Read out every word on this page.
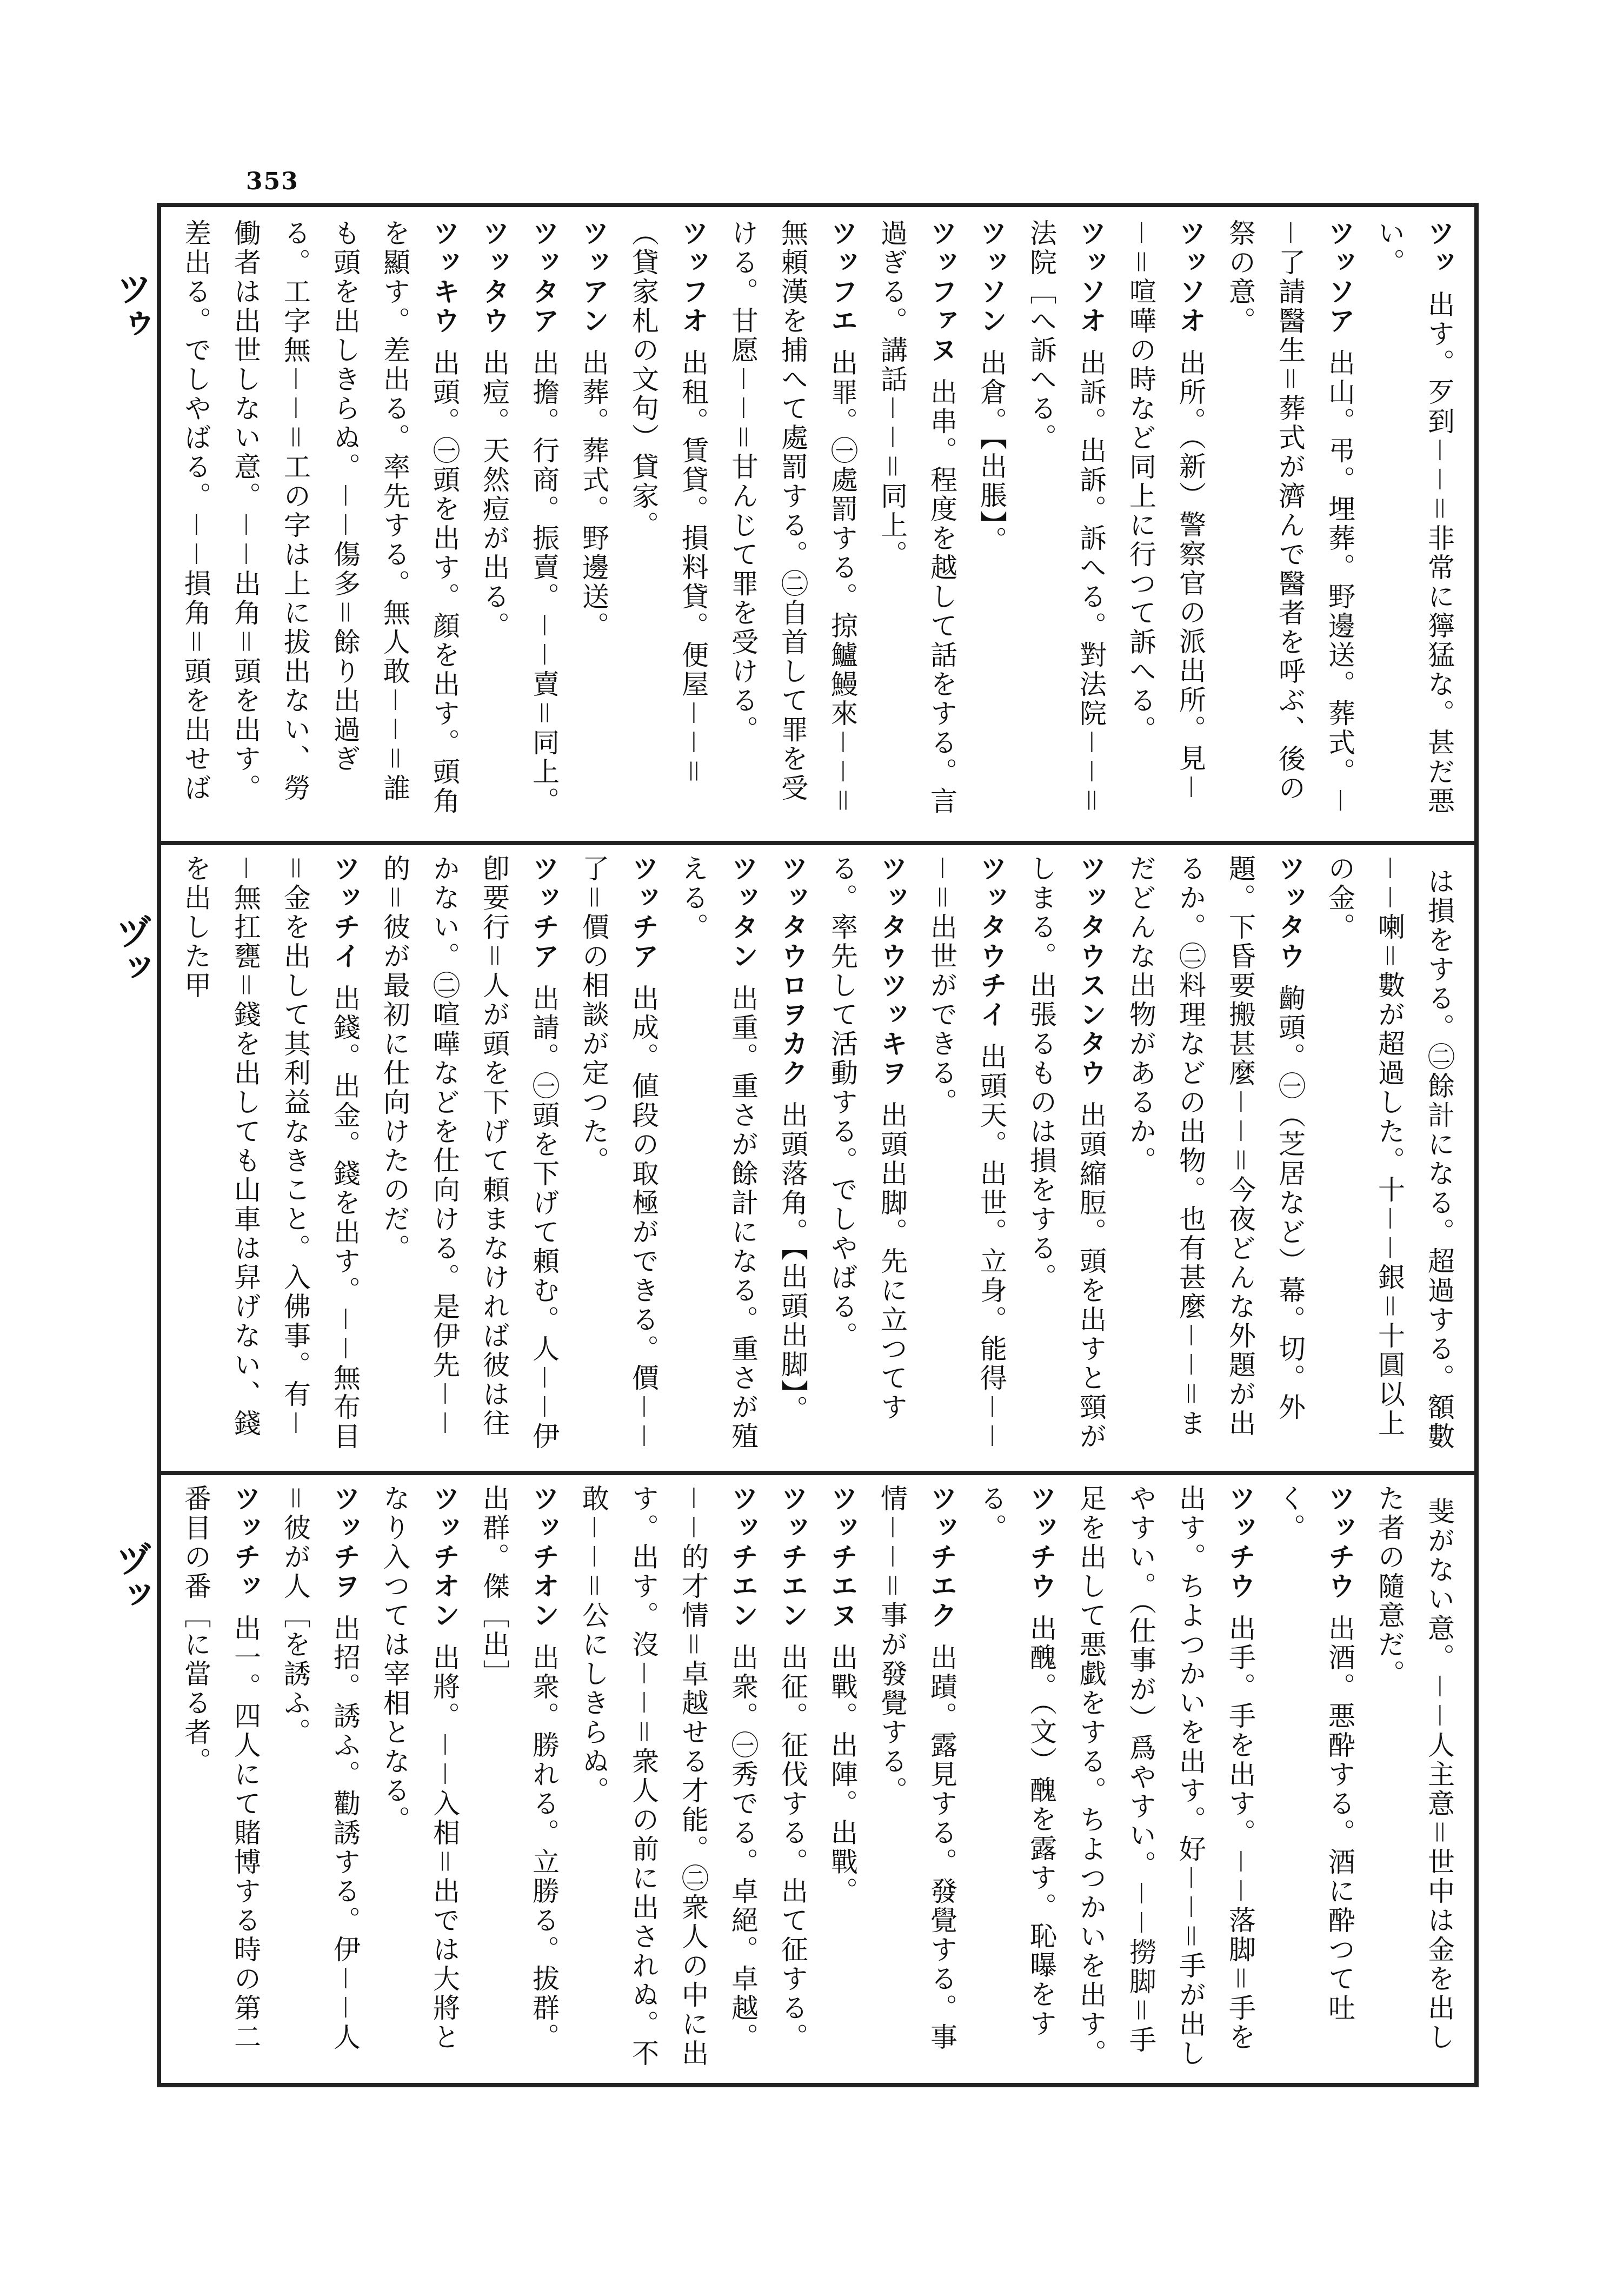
353
ツゥ
ヅッ
ヅッ

ツッ出す。歹到－－＝非常に獰猛な。甚だ悪い。

ツッソア出山。弔。埋葬。野邊送。葬式。－－了請醫生＝葬式が濟んで醫者を呼ぶ、後の祭の意。

ツッソオ出所。（新）警察官の派出所。見－－＝喧嘩の時など同上に行つて訴へる。

ツッソオ出訴。出訴。訴へる。對法院－－＝法院［へ訴へる。

ツッソン出倉。【出脹】。

ツッファヌ出串。程度を越して話をする。言過ぎる。講話－－＝同上。

ツッフエ出罪。㊀處罰する。掠鱸鰻來－－＝無頼漢を捕へて處罰する。㊁自首して罪を受ける。甘愿－－＝甘んじて罪を受ける。

ツッフオ出租。賃貸。損料貸。便屋－－＝（貸家札の文句）貸家。

ツッアン出葬。葬式。野邊送。

ツッタア出擔。行商。振賣。－－賣＝同上。

ツッタウ出痘。天然痘が出る。

ツッキウ出頭。㊀頭を出す。顔を出す。頭角を顯す。差出る。率先する。無人敢－－＝誰も頭を出しきらぬ。－－傷多＝餘り出過ぎる。工字無－－＝工の字は上に拔出ない、勞働者は出世しない意。－－出角＝頭を出す。差出る。でしやばる。－－損角＝頭を出せば

は損をする。㊁餘計になる。超過する。額數－－喇＝數が超過した。十－－銀＝十圓以上の金。

ツッタウ齣頭。㊀（芝居など）幕。切。外題。下昏要搬甚麼－－＝今夜どんな外題が出るか。㊁料理などの出物。也有甚麼－－＝まだどんな出物があるか。

ツッタウスンタウ出頭縮脰。頭を出すと頸がしまる。出張るものは損をする。

ツッタウチイ出頭天。出世。立身。能得－－－＝出世ができる。

ツッタウツッキヲ出頭出脚。先に立つてする。率先して活動する。でしやばる。

ツッタウロヲカク出頭落角。【出頭出脚】。

ツッタン出重。重さが餘計になる。重さが殖える。

ツッチア出成。値段の取極ができる。價－－了＝價の相談が定つた。

ツッチア出請。㊀頭を下げて頼む。人－－伊卽要行＝人が頭を下げて頼まなければ彼は往かない。㊁喧嘩などを仕向ける。是伊先－－的＝彼が最初に仕向けたのだ。

ツッチイ出錢。出金。錢を出す。－－無布目＝金を出して其利益なきこと。入佛事。有－－無扛甕＝錢を出しても山車は舁げない、錢を出した甲

斐がない意。－－人主意＝世中は金を出した者の隨意だ。

ツッチウ出酒。悪酔する。酒に酔つて吐く。

ツッチウ出手。手を出す。－－落脚＝手を出す。ちよつかいを出す。好－－＝手が出しやすい。（仕事が）爲やすい。－－撈脚＝手足を出して悪戯をする。ちよつかいを出す。

ツッチウ出醜。（文）醜を露す。恥曝をする。

ツッチエク出蹟。露見する。發覺する。事情－－＝事が發覺する。

ツッチエヌ出戰。出陣。出戰。

ツッチエン出征。征伐する。出て征する。

ツッチエン出衆。㊀秀でる。卓絕。卓越。－－的才情＝卓越せる才能。㊁衆人の中に出す。出す。沒－－＝衆人の前に出されぬ。不敢－－＝公にしきらぬ。

ツッチオン出衆。勝れる。立勝る。拔群。出群。傑［出］

ツッチオン出將。－－入相＝出では大將となり入つては宰相となる。

ツッチヲ出招。誘ふ。勸誘する。伊－－人＝彼が人［を誘ふ。

ツッチッ出一。四人にて賭博する時の第二番目の番［に當る者。
